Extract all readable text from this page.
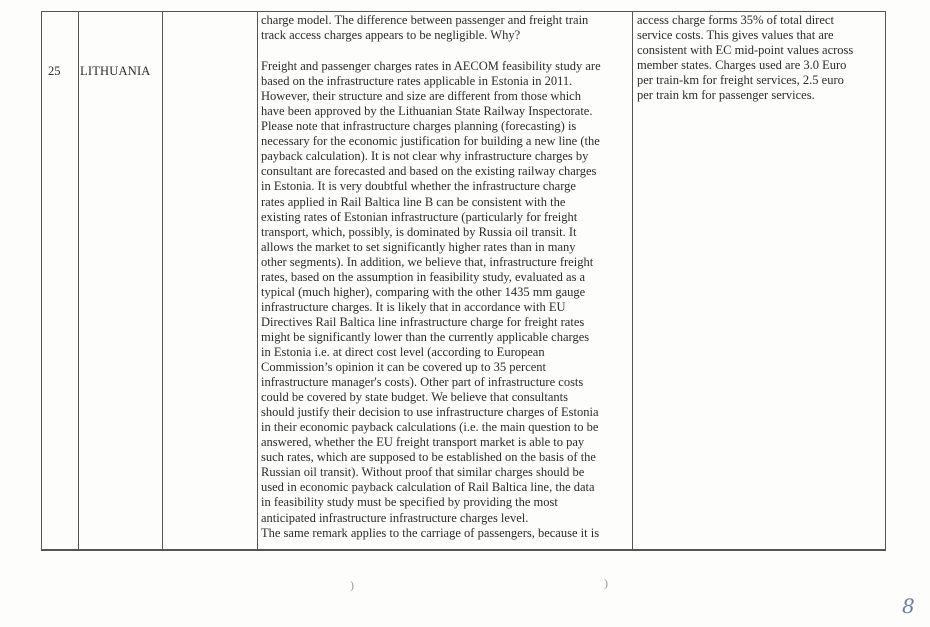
25 LITHUANIA
charge model. The difference between passenger and freight train
track access charges appears to be negligible. Why?
Freight and passenger charges rates in AECOM feasibility study are
based on the infrastructure rates applicable in Estonia in 2011.
However, their structure and size are different from those which
have been approved by the Lithuanian State Railway Inspectorate.
Please note that infrastructure charges planning (forecasting) is
necessary for the economic justification for building a new line (the
payback calculation). It is not clear why infrastructure charges by
consultant are forecasted and based on the existing railway charges
in Estonia. It is very doubtful whether the infrastructure charge
rates applied in Rail Baltica line B can be consistent with the
existing rates of Estonian infrastructure (particularly for freight
transport, which, possibly, is dominated by Russia oil transit. It
allows the market to set significantly higher rates than in many
other segments). In addition, we believe that, infrastructure freight
rates, based on the assumption in feasibility study, evaluated as a
typical (much higher), comparing with the other 1435 mm gauge
infrastructure charges. It is likely that in accordance with EU
Directives Rail Baltica line infrastructure charge for freight rates
might be significantly lower than the currently applicable charges
in Estonia i.e. at direct cost level (according to European
Commission’s opinion it can be covered up to 35 percent
infrastructure manager's costs). Other part of infrastructure costs
could be covered by state budget. We believe that consultants
should justify their decision to use infrastructure charges of Estonia
in their economic payback calculations (i.e. the main question to be
answered, whether the EU freight transport market is able to pay
such rates, which are supposed to be established on the basis of the
Russian oil transit). Without proof that similar charges should be
used in economic payback calculation of Rail Baltica line, the data
in feasibility study must be specified by providing the most
anticipated infrastructure infrastructure charges level.
The same remark applies to the carriage of passengers, because it is
access charge forms 35% of total direct
service costs. This gives values that are
consistent with EC mid-point values across
member states. Charges used are 3.0 Euro
per train-km for freight services, 2.5 euro
per train km for passenger services.
)	)
8
